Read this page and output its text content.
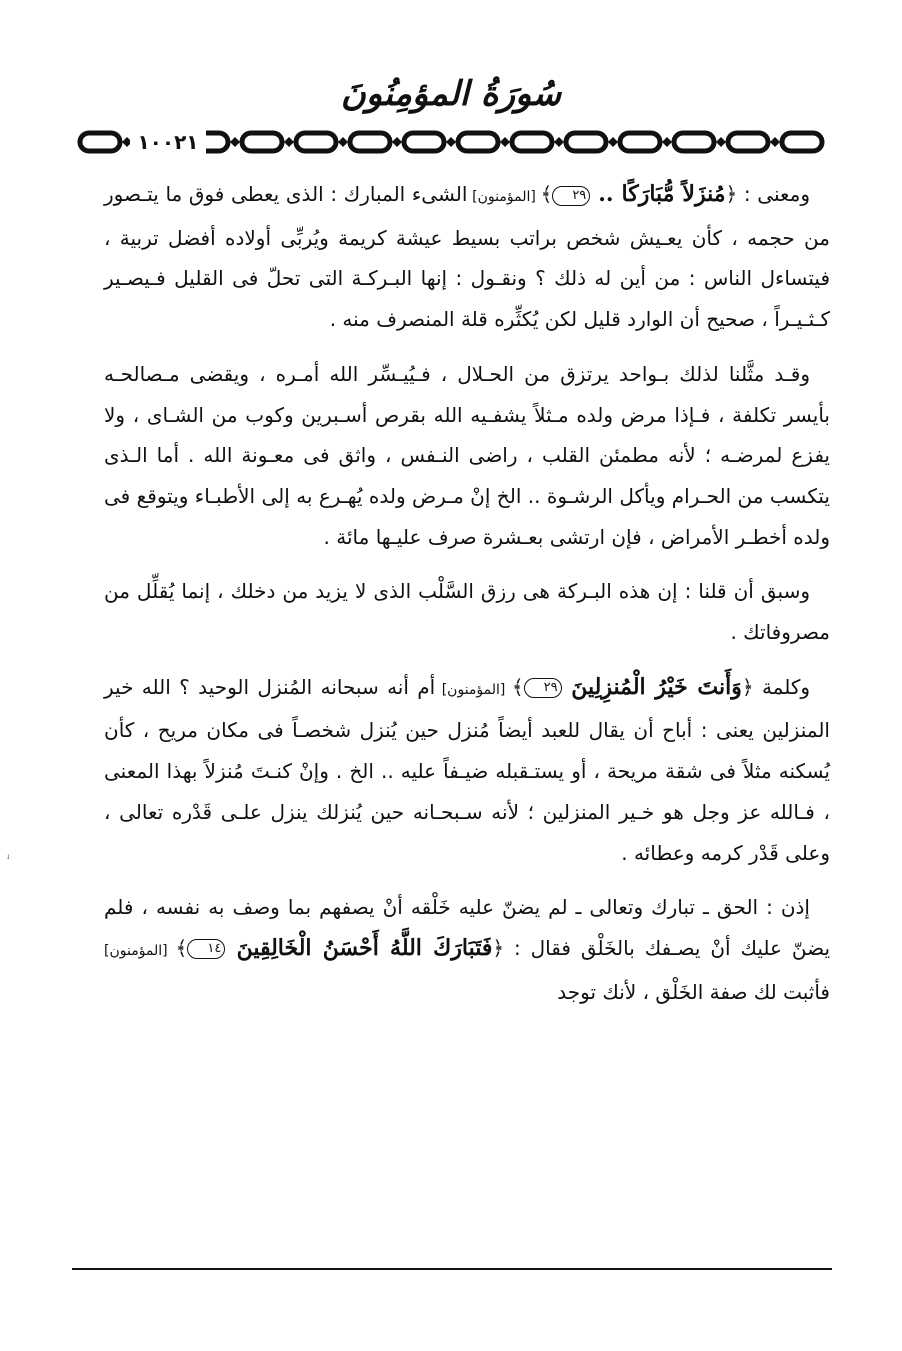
سُورَةُ المؤمِنُونَ
١٠٠٢١

ومعنى : ﴿مُنزَلاً مُّبَارَكًا .. ٢٩﴾ [المؤمنون] الشىء المبارك : الذى يعطى فوق ما يتـصور من حجمه ، كأن يعـيش شخص براتب بسيط عيشة كريمة ويُربِّى أولاده أفضل تربية ، فيتساءل الناس : من أين له ذلك ؟ ونقـول : إنها البـركـة التى تحلّ فى القليل فـيصـير كـثـيـراً ، صحيح أن الوارد قليل لكن يُكثِّره قلة المنصرف منه .

وقـد مثَّلنا لذلك بـواحد يرتزق من الحـلال ، فـيُيـسِّر الله أمـره ، ويقضى مـصالحـه بأيسر تكلفة ، فـإذا مرض ولده مـثلاً يشفـيه الله بقرص أسـبرين وكوب من الشـاى ، ولا يفزع لمرضـه ؛ لأنه مطمئن القلب ، راضى النـفس ، واثق فى معـونة الله . أما الـذى يتكسب من الحـرام ويأكل الرشـوة .. الخ إنْ مـرض ولده يُهـرع به إلى الأطبـاء ويتوقع فى ولده أخطـر الأمراض ، فإن ارتشى بعـشرة صرف عليـها مائة .

وسبق أن قلنا : إن هذه البـركة هى رزق السَّلْب الذى لا يزيد من دخلك ، إنما يُقلِّل من مصروفاتك .

وكلمة ﴿وَأَنتَ خَيْرُ الْمُنزِلِينَ ٢٩﴾ [المؤمنون] أم أنه سبحانه المُنزل الوحيد ؟ الله خير المنزلين يعنى : أباح أن يقال للعبد أيضاً مُنزل حين يُنزل شخصـاً فى مكان مريح ، كأن يُسكنه مثلاً فى شقة مريحة ، أو يستـقبله ضيـفاً عليه .. الخ . وإنْ كنـتَ مُنزلاً بهذا المعنى ، فـالله عز وجل هو خـير المنزلين ؛ لأنه سـبحـانه حين يُنزلك ينزل علـى قَدْره تعالى ، وعلى قَدْر كرمه وعطائه .

إذن : الحق ـ تبارك وتعالى ـ لم يضنّ عليه خَلْقه أنْ يصفهم بما وصف به نفسه ، فلم يضنّ عليك أنْ يصـفك بالخَلْق فقال : ﴿فَتَبَارَكَ اللَّهُ أَحْسَنُ الْخَالِقِينَ ١٤﴾ [المؤمنون] فأثبت لك صفة الخَلْق ، لأنك توجد

ꜜ
